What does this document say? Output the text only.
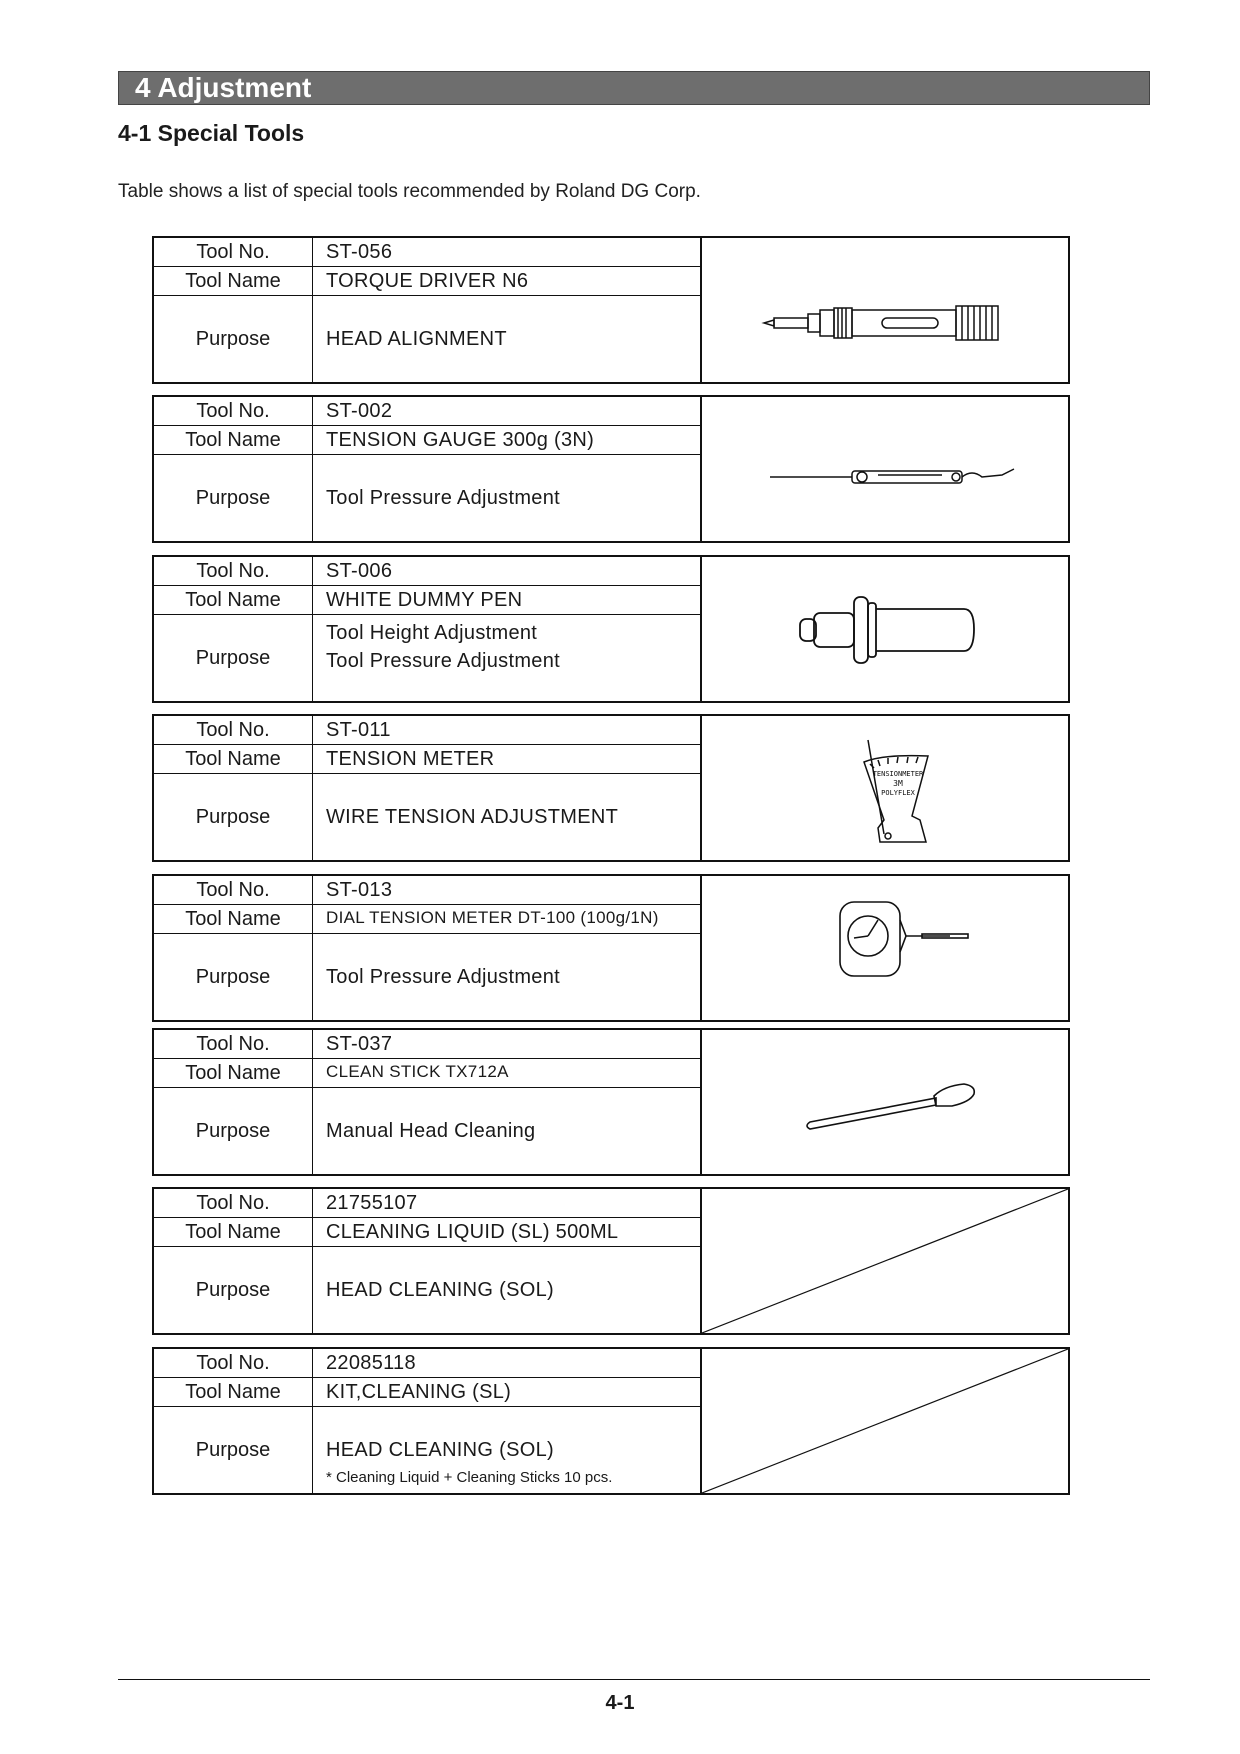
4 Adjustment
4-1 Special Tools
Table shows a list of special tools recommended by Roland DG Corp.
Tool No.	ST-056
Tool Name	TORQUE DRIVER N6
Purpose	HEAD ALIGNMENT
Tool No.	ST-002
Tool Name	TENSION GAUGE 300g (3N)
Purpose	Tool Pressure Adjustment
Tool No.	ST-006
Tool Name	WHITE DUMMY PEN
Purpose
Tool Height Adjustment
Tool Pressure Adjustment
Tool No.	ST-011
Tool Name	TENSION METER
Purpose	WIRE TENSION ADJUSTMENT
TENSIONMETER
3M
POLYFLEX
Tool No.	ST-013
Tool Name	DIAL TENSION METER DT-100 (100g/1N)
Purpose	Tool Pressure Adjustment
Tool No.	ST-037
Tool Name	CLEAN STICK TX712A
Purpose	Manual Head Cleaning
Tool No.	21755107
Tool Name	CLEANING LIQUID (SL) 500ML
Purpose	HEAD CLEANING (SOL)
Tool No.	22085118
Tool Name	KIT,CLEANING (SL)
Purpose	HEAD CLEANING (SOL)
* Cleaning Liquid + Cleaning Sticks 10 pcs.
4-1
